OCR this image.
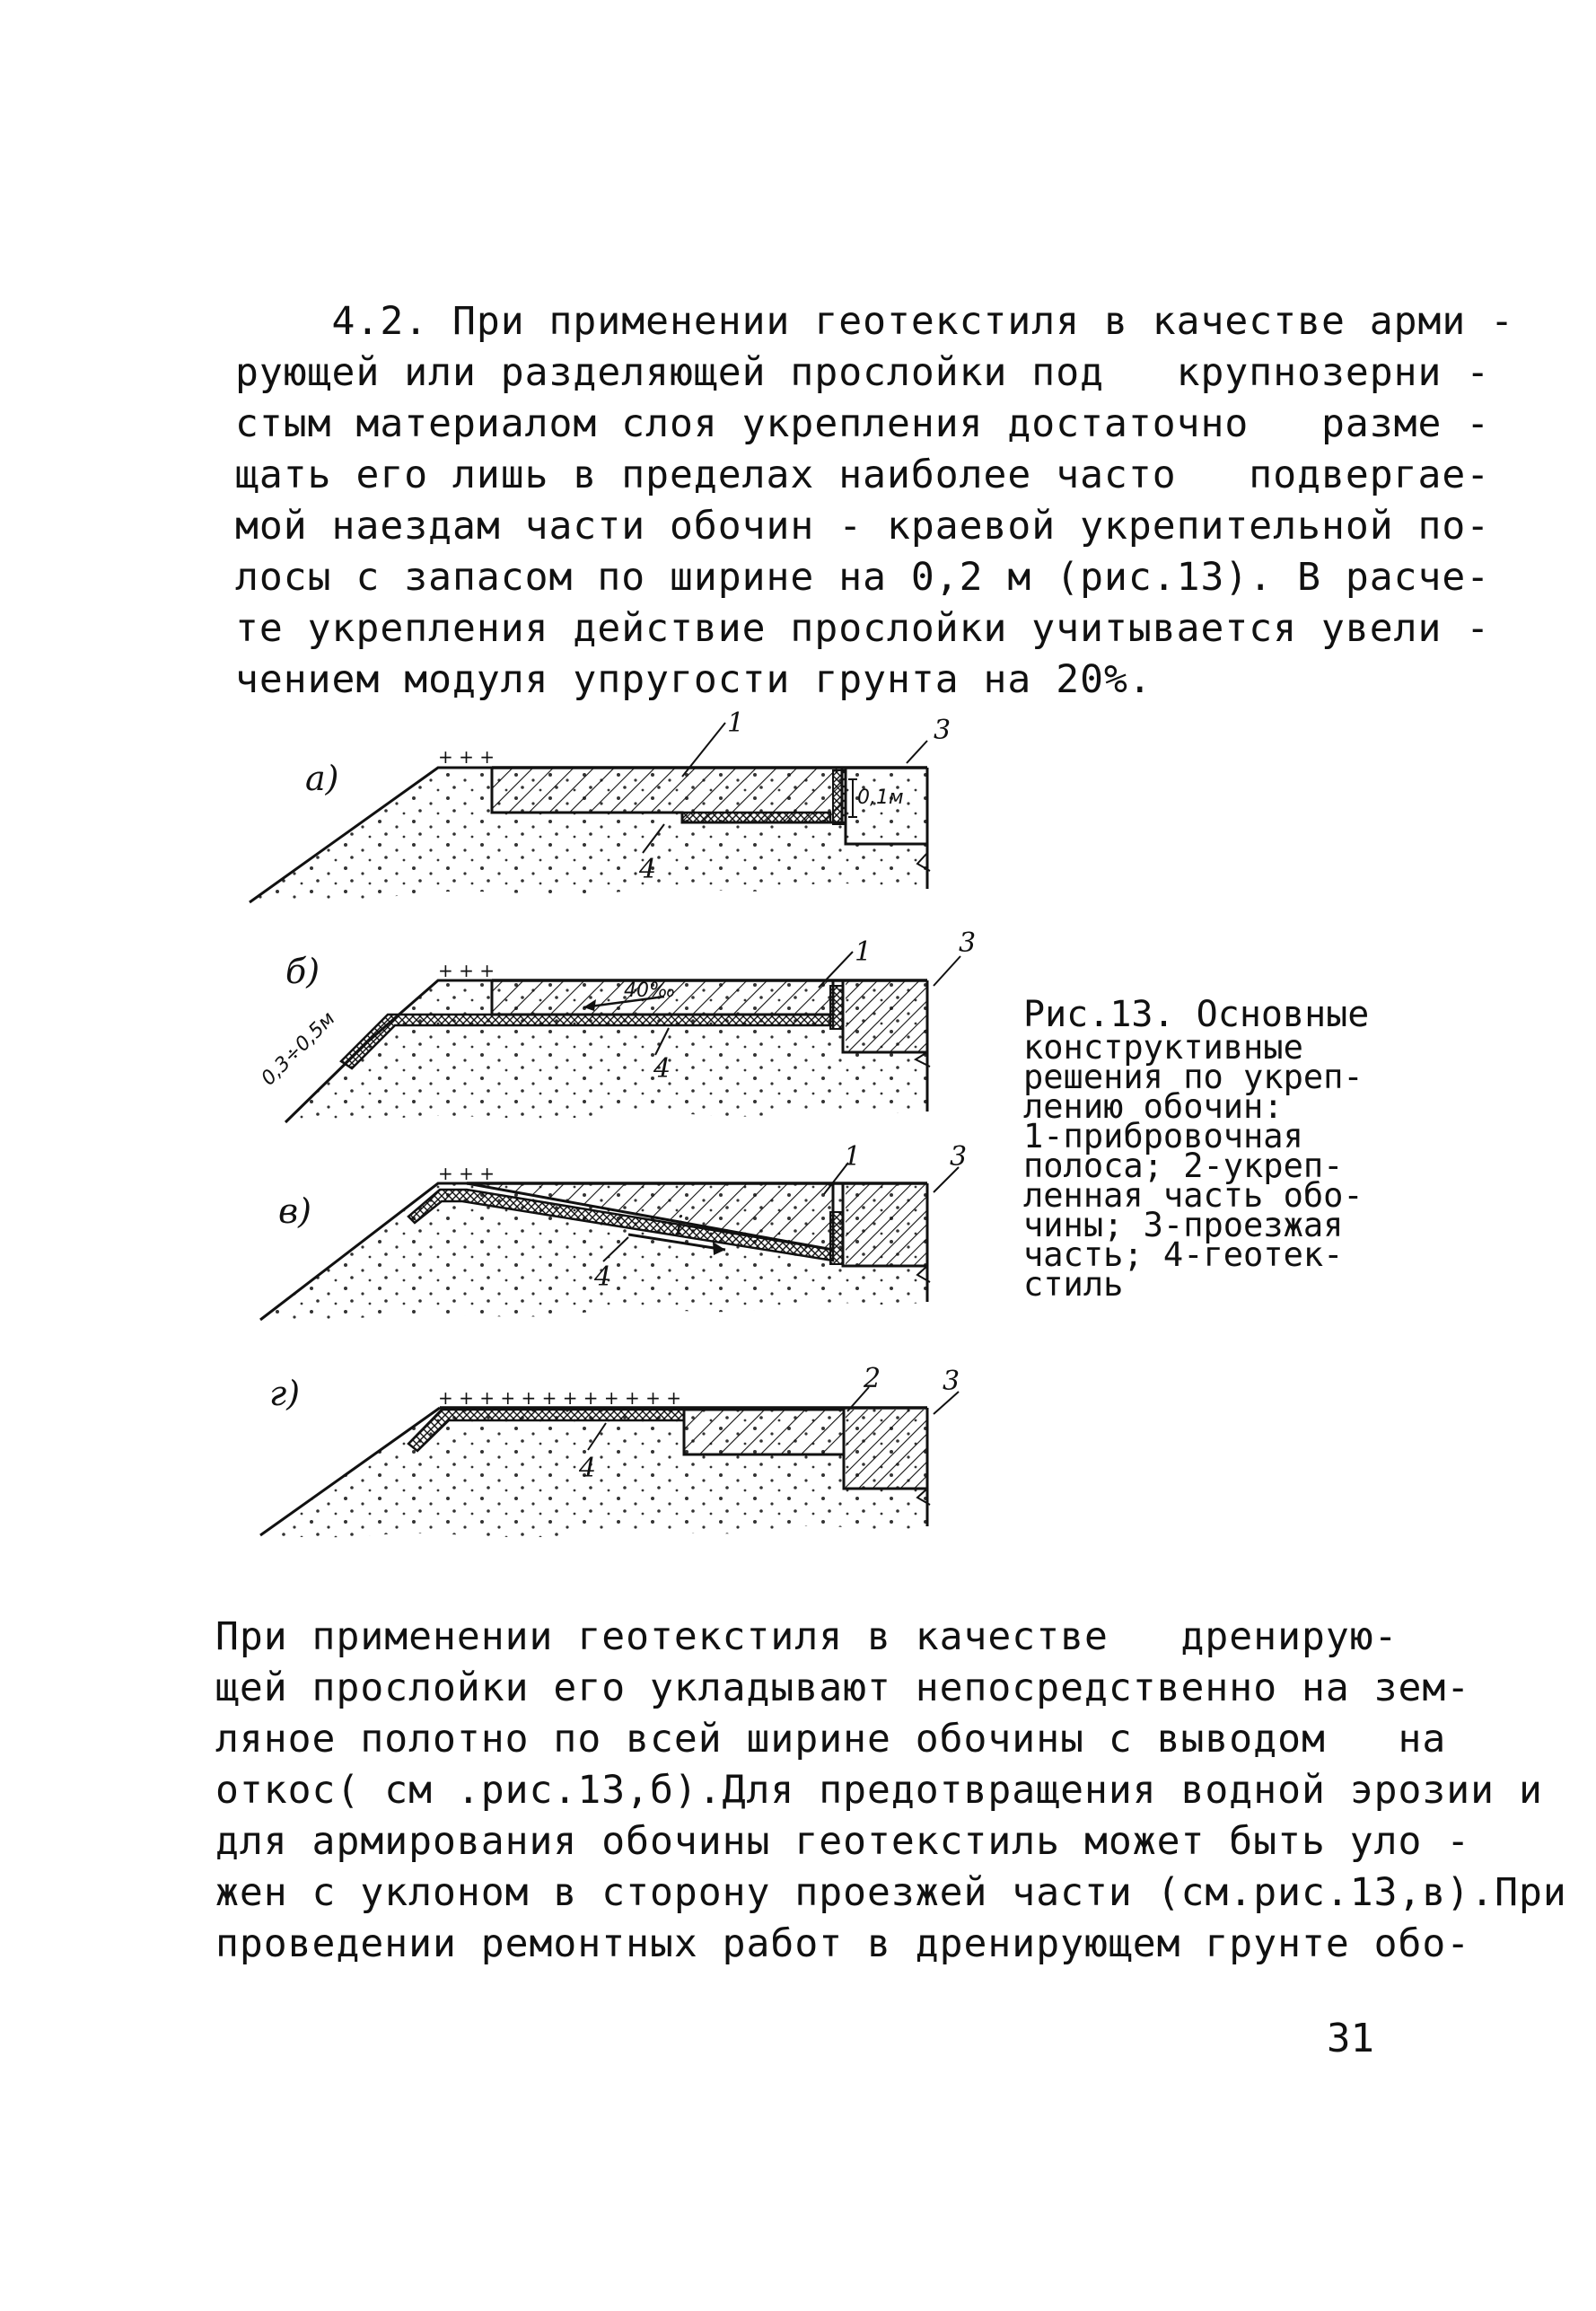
0,1м
1	3
4
+ + +
а)
40‰
0,3÷0,5м
1	3
4
+ + +
б)
i
1	3
4
+ + +
в)
+ + + + + + + + + + + +
2 3
4
г)
4.2. При применении геотекстиля в качестве арми -
рующей или разделяющей прослойки под   крупнозерни -
стым материалом слоя укрепления достаточно   разме -
щать его лишь в пределах наиболее часто   подвергае-
мой наездам части обочин - краевой укрепительной по-
лосы с запасом по ширине на 0,2 м (рис.13). В расче-
те укрепления действие прослойки учитывается увели -
чением модуля упругости грунта на 20%.
Рис.13. Основные
конструктивные
решения по укреп-
лению обочин:
1-прибровочная
полоса; 2-укреп-
ленная часть обо-
чины; 3-проезжая
часть; 4-геотек-
стиль
При применении геотекстиля в качестве   дренирую-
щей прослойки его укладывают непосредственно на зем-
ляное полотно по всей ширине обочины с выводом   на
откос( см .рис.13,б).Для предотвращения водной эрозии и
для армирования обочины геотекстиль может быть уло -
жен с уклоном в сторону проезжей части (см.рис.13,в).При
проведении ремонтных работ в дренирующем грунте обо-
31
